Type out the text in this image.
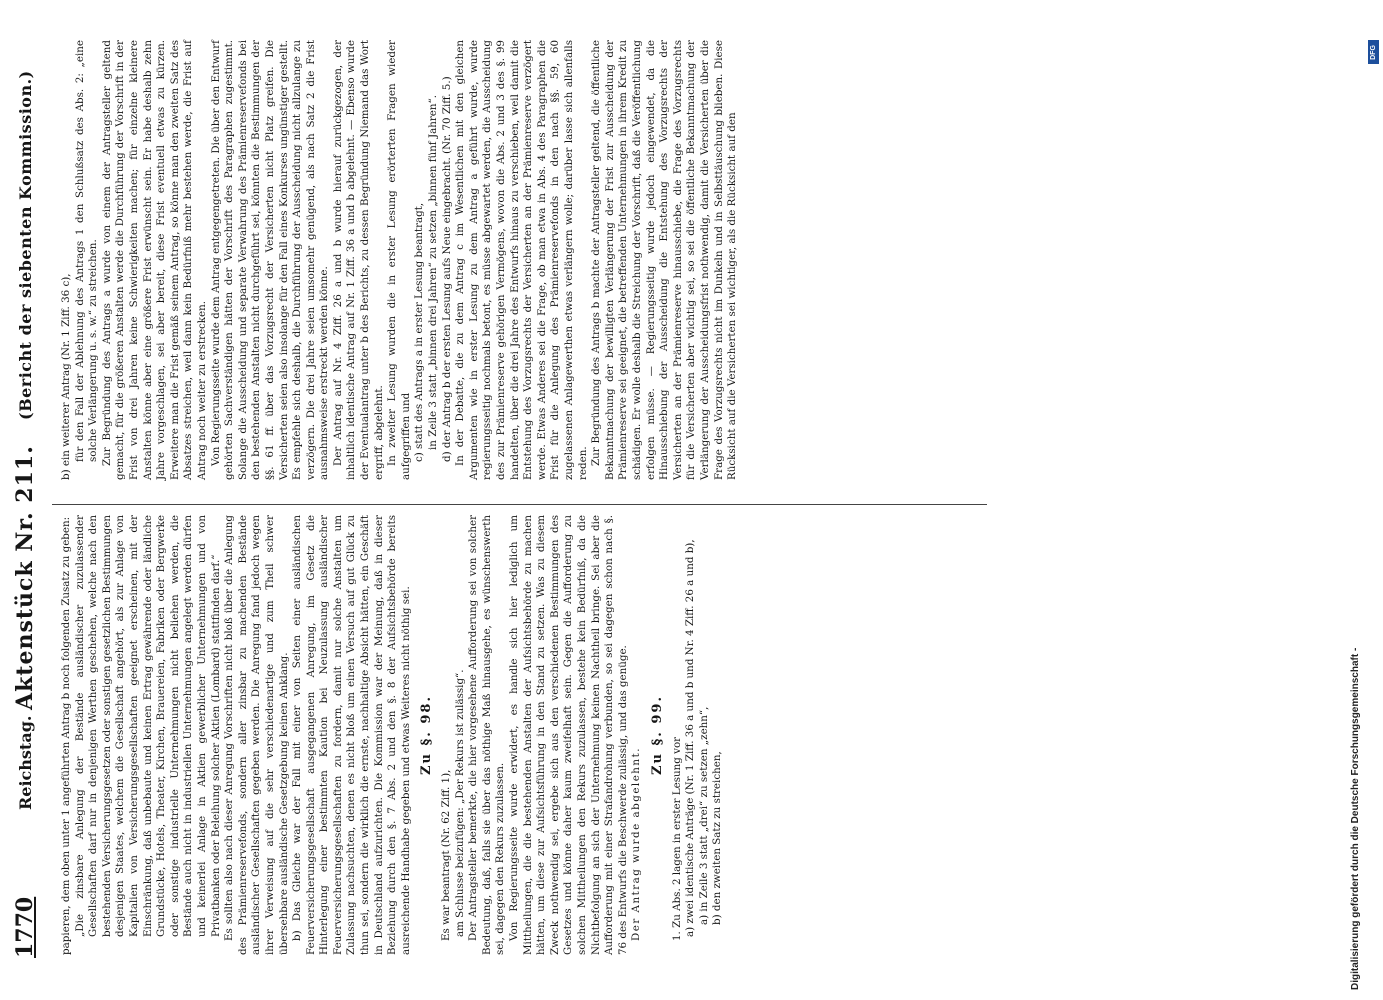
1770
Reichstag.
Aktenstück Nr. 211.
(Bericht der siebenten Kommission.)

papieren, dem oben unter 1 angeführten Antrag b noch folgenden Zusatz zu geben: „Die zinsbare Anlegung der Bestände ausländischer zuzulassender Gesellschaften darf nur in denjenigen Werthen geschehen, welche nach den bestehenden Versicherungsgesetzen oder sonstigen gesetzlichen Bestimmungen desjenigen Staates, welchem die Gesellschaft angehört, als zur Anlage von Kapitalien von Versicherungsgesellschaften geeignet erscheinen, mit der Einschränkung, daß unbebaute und keinen Ertrag gewährende oder ländliche Grundstücke, Hotels, Theater, Kirchen, Brauereien, Fabriken oder Bergwerke oder sonstige industrielle Unternehmungen nicht beliehen werden, die Bestände auch nicht in industriellen Unternehmungen angelegt werden dürfen und keinerlei Anlage in Aktien gewerblicher Unternehmungen und von Privatbanken oder Beleihung solcher Aktien (Lombard) stattfinden darf.“ Es sollten also nach dieser Anregung Vorschriften nicht bloß über die Anlegung des Prämienreservefonds, sondern aller zinsbar zu machenden Bestände ausländischer Gesellschaften gegeben werden. Die Anregung fand jedoch wegen ihrer Verweisung auf die sehr verschiedenartige und zum Theil schwer übersehbare ausländische Gesetzgebung keinen Anklang. b) Das Gleiche war der Fall mit einer von Seiten einer ausländischen Feuerversicherungsgesellschaft ausgegangenen Anregung, im Gesetz die Hinterlegung einer bestimmten Kaution bei Neuzulassung ausländischer Feuerversicherungsgesellschaften zu fordern, damit nur solche Anstalten um Zulassung nachsuchten, denen es nicht bloß um einen Versuch auf gut Glück zu thun sei, sondern die wirklich die ernste, nachhaltige Absicht hätten, ein Geschäft in Deutschland aufzurichten. Die Kommission war der Meinung, daß in dieser Beziehung durch den §. 7 Abs. 2 und den §. 8 der Aufsichtsbehörde bereits ausreichende Handhabe gegeben und etwas Weiteres nicht nöthig sei. Zu §. 98.

Es war beantragt (Nr. 62 Ziff. 1), am Schlusse beizufügen: „Der Rekurs ist zulässig“. Der Antragsteller bemerkte, die hier vorgesehene Aufforderung sei von solcher Bedeutung, daß, falls sie über das nöthige Maß hinausgehe, es wünschenswerth sei, dagegen den Rekurs zuzulassen. Von Regierungsseite wurde erwidert, es handle sich hier lediglich um Mittheilungen, die die bestehenden Anstalten der Aufsichtsbehörde zu machen hätten, um diese zur Aufsichtsführung in den Stand zu setzen. Was zu diesem Zweck nothwendig sei, ergebe sich aus den verschiedenen Bestimmungen des Gesetzes und könne daher kaum zweifelhaft sein. Gegen die Aufforderung zu solchen Mittheilungen den Rekurs zuzulassen, bestehe kein Bedürfniß, da die Nichtbefolgung an sich der Unternehmung keinen Nachtheil bringe. Sei aber die Aufforderung mit einer Strafandrohung verbunden, so sei dagegen schon nach §. 76 des Entwurfs die Beschwerde zulässig, und das genüge. Der Antrag wurde abgelehnt.

Zu §. 99.

1. Zu Abs. 2 lagen in erster Lesung vor a) zwei identische Anträge (Nr. 1 Ziff. 36 a und b und Nr. 4 Ziff. 26 a und b), a) in Zeile 3 statt „drei“ zu setzen „zehn“, b) den zweiten Satz zu streichen,

b) ein weiterer Antrag (Nr. 1 Ziff. 36 c), für den Fall der Ablehnung des Antrags 1 den Schlußsatz des Abs. 2: „eine solche Verlängerung u. s. w.“ zu streichen. Zur Begründung des Antrags a wurde von einem der Antragsteller geltend gemacht, für die größeren Anstalten werde die Durchführung der Vorschrift in der Frist von drei Jahren keine Schwierigkeiten machen; für einzelne kleinere Anstalten könne aber eine größere Frist erwünscht sein. Er habe deshalb zehn Jahre vorgeschlagen, sei aber bereit, diese Frist eventuell etwas zu kürzen. Erweitere man die Frist gemäß seinem Antrag, so könne man den zweiten Satz des Absatzes streichen, weil dann kein Bedürfniß mehr bestehen werde, die Frist auf Antrag noch weiter zu erstrecken. Von Regierungsseite wurde dem Antrag entgegengetreten. Die über den Entwurf gehörten Sachverständigen hätten der Vorschrift des Paragraphen zugestimmt. Solange die Ausscheidung und separate Verwahrung des Prämienreservefonds bei den bestehenden Anstalten nicht durchgeführt sei, könnten die Bestimmungen der §§. 61 ff. über das Vorzugsrecht der Versicherten nicht Platz greifen. Die Versicherten seien also insolange für den Fall eines Konkurses ungünstiger gestellt. Es empfehle sich deshalb, die Durchführung der Ausscheidung nicht allzulange zu verzögern. Die drei Jahre seien umsomehr genügend, als nach Satz 2 die Frist ausnahmsweise erstreckt werden könne. Der Antrag auf Nr. 4 Ziff. 26 a und b wurde hierauf zurückgezogen, der inhaltlich identische Antrag auf Nr. 1 Ziff. 36 a und b abgelehnt. — Ebenso wurde der Eventualantrag unter b des Berichts, zu dessen Begründung Niemand das Wort ergriff, abgelehnt. In zweiter Lesung wurden die in erster Lesung erörterten Fragen wieder aufgegriffen und c) statt des Antrags a in erster Lesung beantragt, in Zeile 3 statt „binnen drei Jahren“ zu setzen „binnen fünf Jahren“. d) der Antrag b der ersten Lesung aufs Neue eingebracht. (Nr. 70 Ziff. 5.) In der Debatte, die zu dem Antrag c im Wesentlichen mit den gleichen Argumenten wie in erster Lesung zu dem Antrag a geführt wurde, wurde regierungsseitig nochmals betont, es müsse abgewartet werden, die Ausscheidung des zur Prämienreserve gehörigen Vermögens, wovon die Abs. 2 und 3 des §. 99 handelten, über die drei Jahre des Entwurfs hinaus zu verschieben, weil damit die Entstehung des Vorzugsrechts der Versicherten an der Prämienreserve verzögert werde. Etwas Anderes sei die Frage, ob man etwa in Abs. 4 des Paragraphen die Frist für die Anlegung des Prämienreservefonds in den nach §§. 59, 60 zugelassenen Anlagewerthen etwas verlängern wolle; darüber lasse sich allenfalls reden. Zur Begründung des Antrags b machte der Antragsteller geltend, die öffentliche Bekanntmachung der bewilligten Verlängerung der Frist zur Ausscheidung der Prämienreserve sei geeignet, die betreffenden Unternehmungen in ihrem Kredit zu schädigen. Er wolle deshalb die Streichung der Vorschrift, daß die Veröffentlichung erfolgen müsse. — Regierungsseitig wurde jedoch eingewendet, da die Hinausschiebung der Ausscheidung die Entstehung des Vorzugsrechts der Versicherten an der Prämienreserve hinausschiebe, die Frage des Vorzugsrechts für die Versicherten aber wichtig sei, so sei die öffentliche Bekanntmachung der Verlängerung der Ausscheidungsfrist nothwendig, damit die Versicherten über die Frage des Vorzugsrechts nicht im Dunkeln und in Selbsttäuschung blieben. Diese Rücksicht auf die Versicherten sei wichtiger, als die Rücksicht auf den

Digitalisierung gefördert durch die Deutsche Forschungsgemeinschaft -
DFG
